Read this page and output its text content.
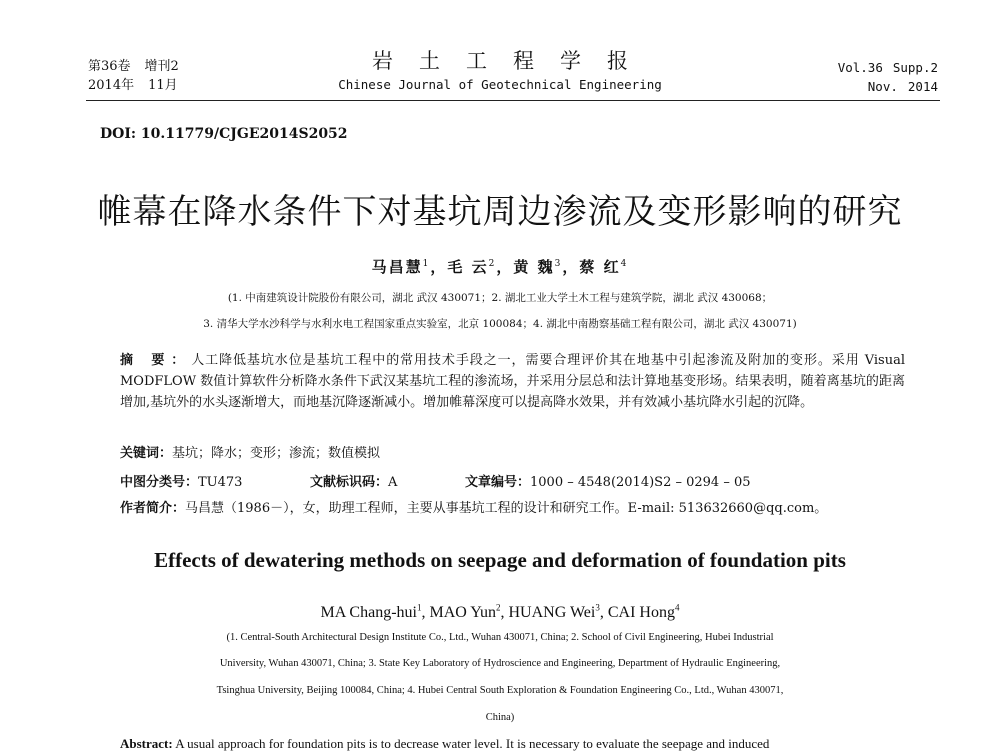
第36卷 增刊2
2014年 11月
岩土工程学报
Chinese Journal of Geotechnical Engineering
Vol.36 Supp.2
Nov. 2014
DOI: 10.11779/CJGE2014S2052
帷幕在降水条件下对基坑周边渗流及变形影响的研究
马昌慧$^1$，毛 云$^2$，黄 魏$^3$，蔡 红$^4$
(1. 中南建筑设计院股份有限公司，湖北 武汉 430071；2. 湖北工业大学土木工程与建筑学院，湖北 武汉 430068；
3. 清华大学水沙科学与水利水电工程国家重点实验室，北京 100084；4. 湖北中南勘察基础工程有限公司，湖北 武汉 430071)
摘 要：人工降低基坑水位是基坑工程中的常用技术手段之一，需要合理评价其在地基中引起渗流及附加的变形。采用 Visual MODFLOW 数值计算软件分析降水条件下武汉某基坑工程的渗流场，并采用分层总和法计算地基变形场。结果表明，随着离基坑的距离增加,基坑外的水头逐渐增大，而地基沉降逐渐减小。增加帷幕深度可以提高降水效果，并有效减小基坑降水引起的沉降。
关键词：基坑；降水；变形；渗流；数值模拟
中图分类号：TU473	文献标识码：A	文章编号：1000 – 4548(2014)S2 – 0294 – 05
作者简介：马昌慧（1986－），女，助理工程师，主要从事基坑工程的设计和研究工作。E-mail: 513632660@qq.com。
Effects of dewatering methods on seepage and deformation of foundation pits
MA Chang-hui$^1$, MAO Yun$^2$, HUANG Wei$^3$, CAI Hong$^4$
(1. Central-South Architectural Design Institute Co., Ltd., Wuhan 430071, China; 2. School of Civil Engineering, Hubei Industrial
University, Wuhan 430071, China; 3. State Key Laboratory of Hydroscience and Engineering, Department of Hydraulic Engineering,
Tsinghua University, Beijing 100084, China; 4. Hubei Central South Exploration & Foundation Engineering Co., Ltd., Wuhan 430071,
China)
Abstract: A usual approach for foundation pits is to decrease water level. It is necessary to evaluate the seepage and induced
